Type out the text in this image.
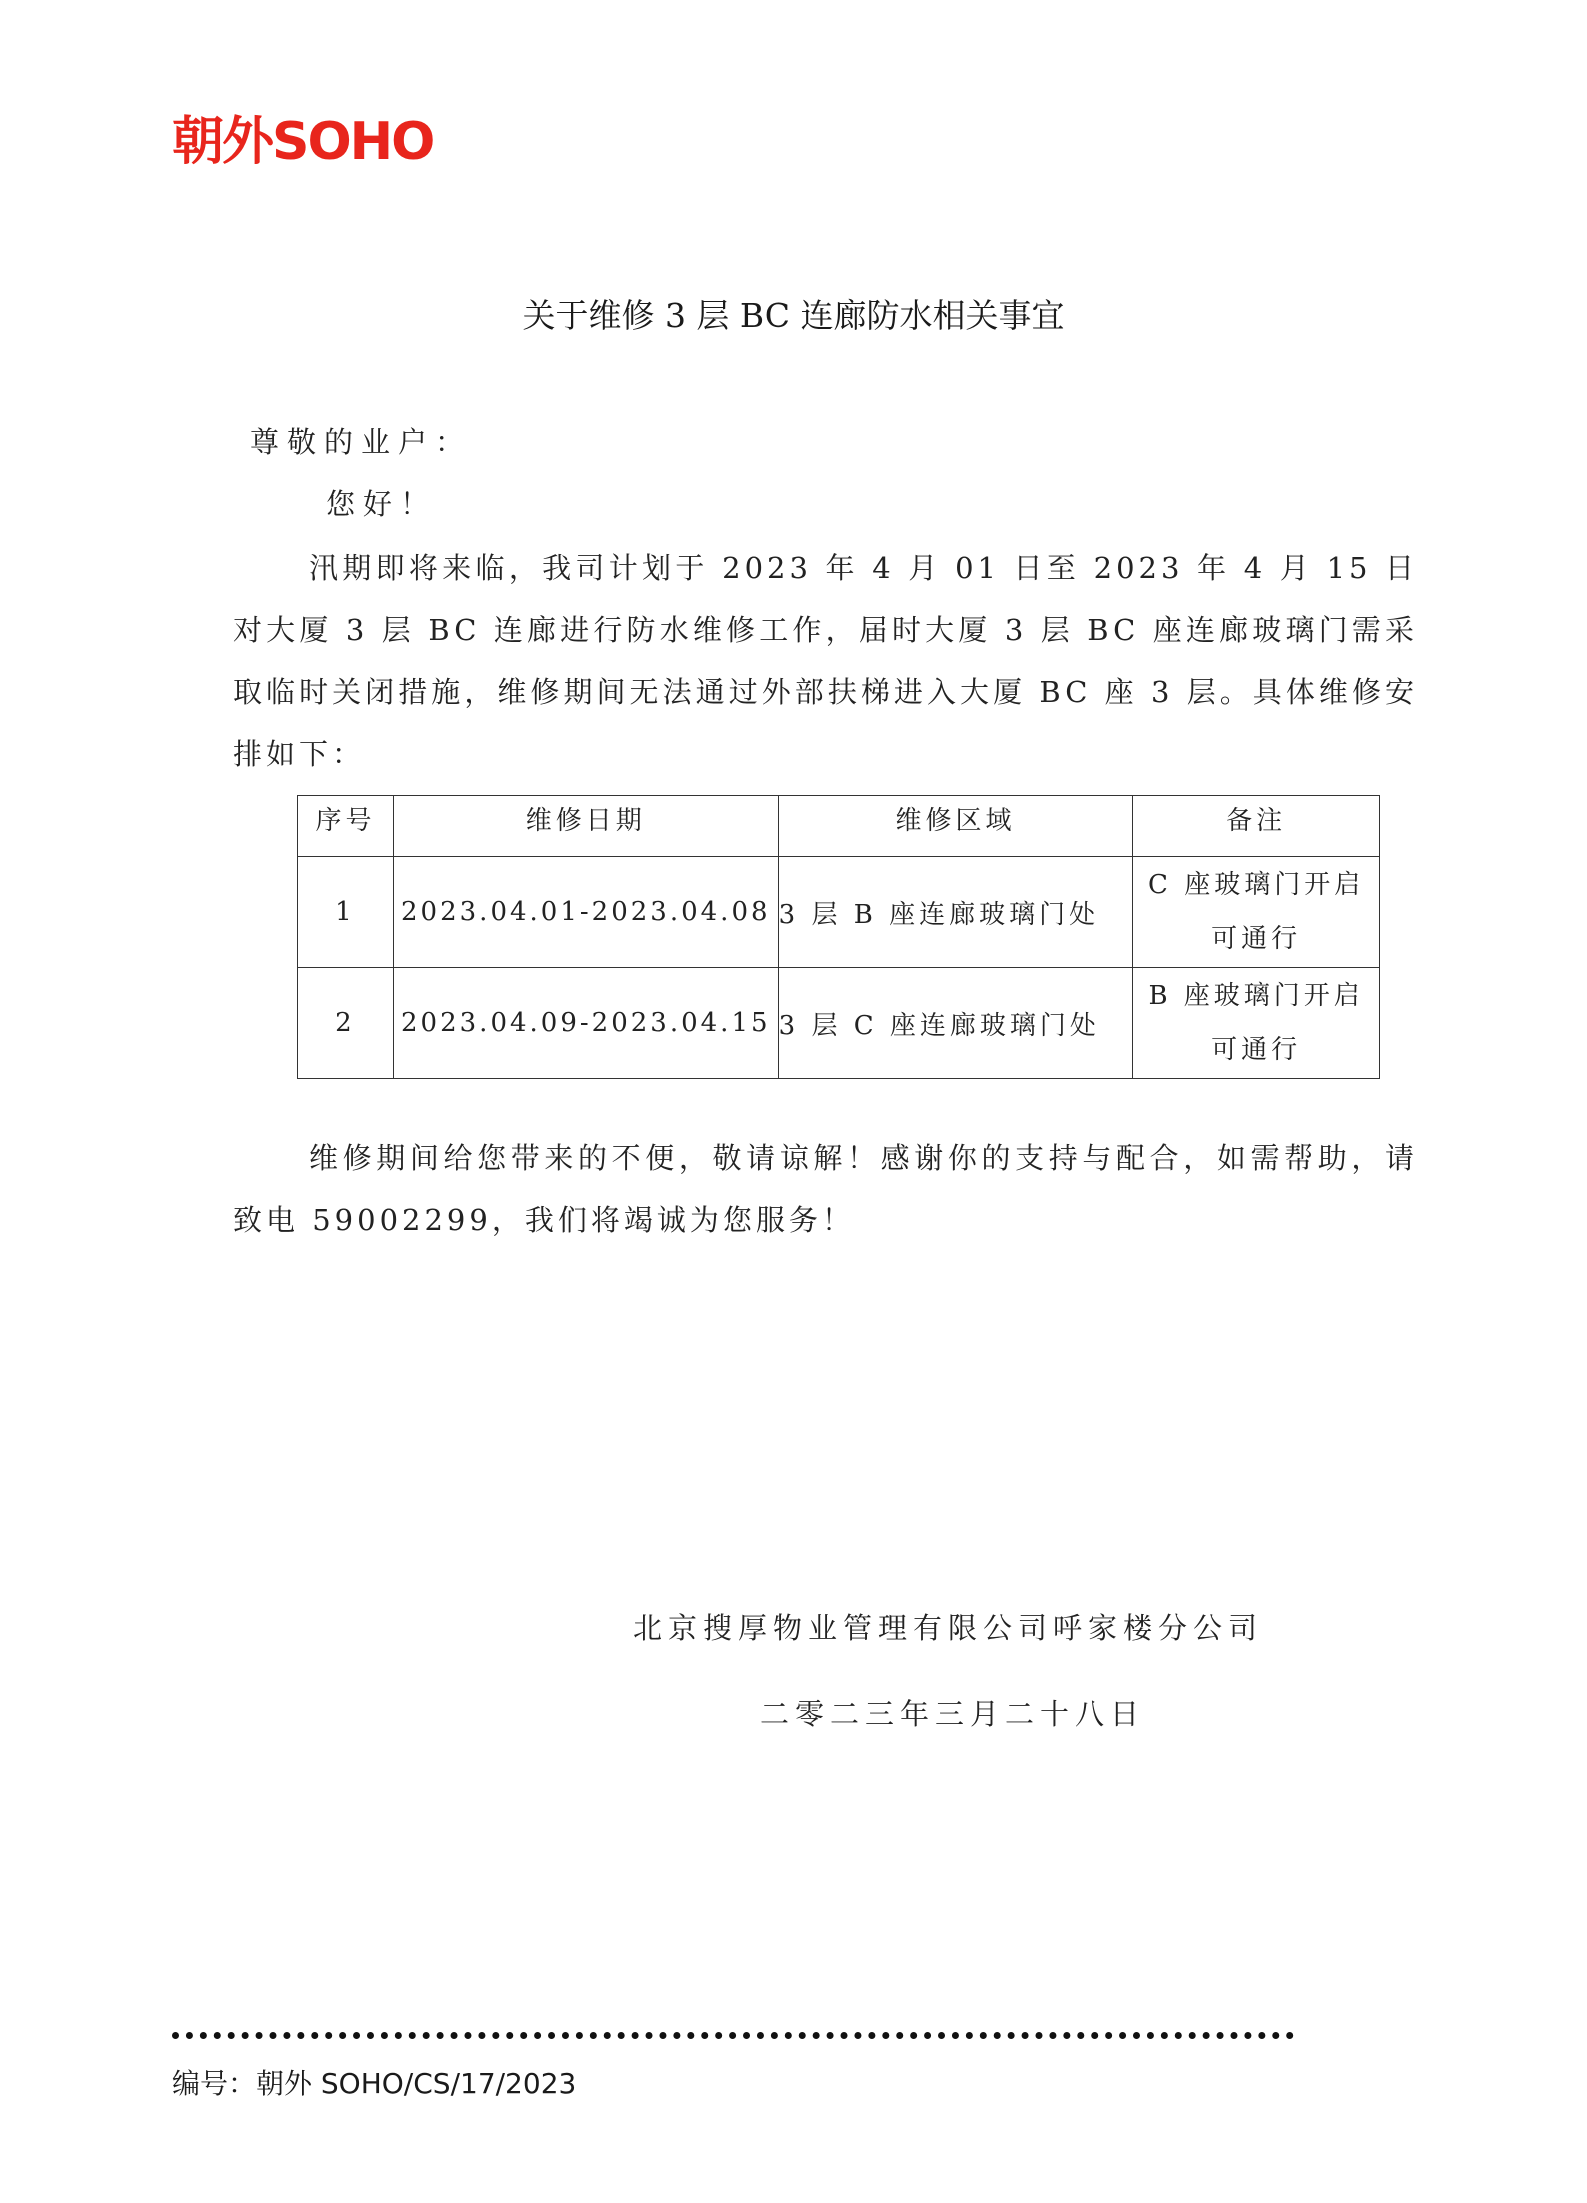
朝外SOHO
关于维修 3 层 BC 连廊防水相关事宜
尊敬的业户：
您好！

汛期即将来临，我司计划于 2023 年 4 月 01 日至 2023 年 4 月 15 日对大厦 3 层 BC 连廊进行防水维修工作，届时大厦 3 层 BC 座连廊玻璃门需采取临时关闭措施，维修期间无法通过外部扶梯进入大厦 BC 座 3 层。具体维修安排如下：

序号	维修日期	维修区域	备注
1	2023.04.01-2023.04.08	3 层 B 座连廊玻璃门处	C 座玻璃门开启
可通行

2	2023.04.09-2023.04.15	3 层 C 座连廊玻璃门处	B 座玻璃门开启
可通行

维修期间给您带来的不便，敬请谅解！感谢你的支持与配合，如需帮助，请致电 59002299，我们将竭诚为您服务！

北京搜厚物业管理有限公司呼家楼分公司
二零二三年三月二十八日
编号：朝外 SOHO/CS/17/2023
